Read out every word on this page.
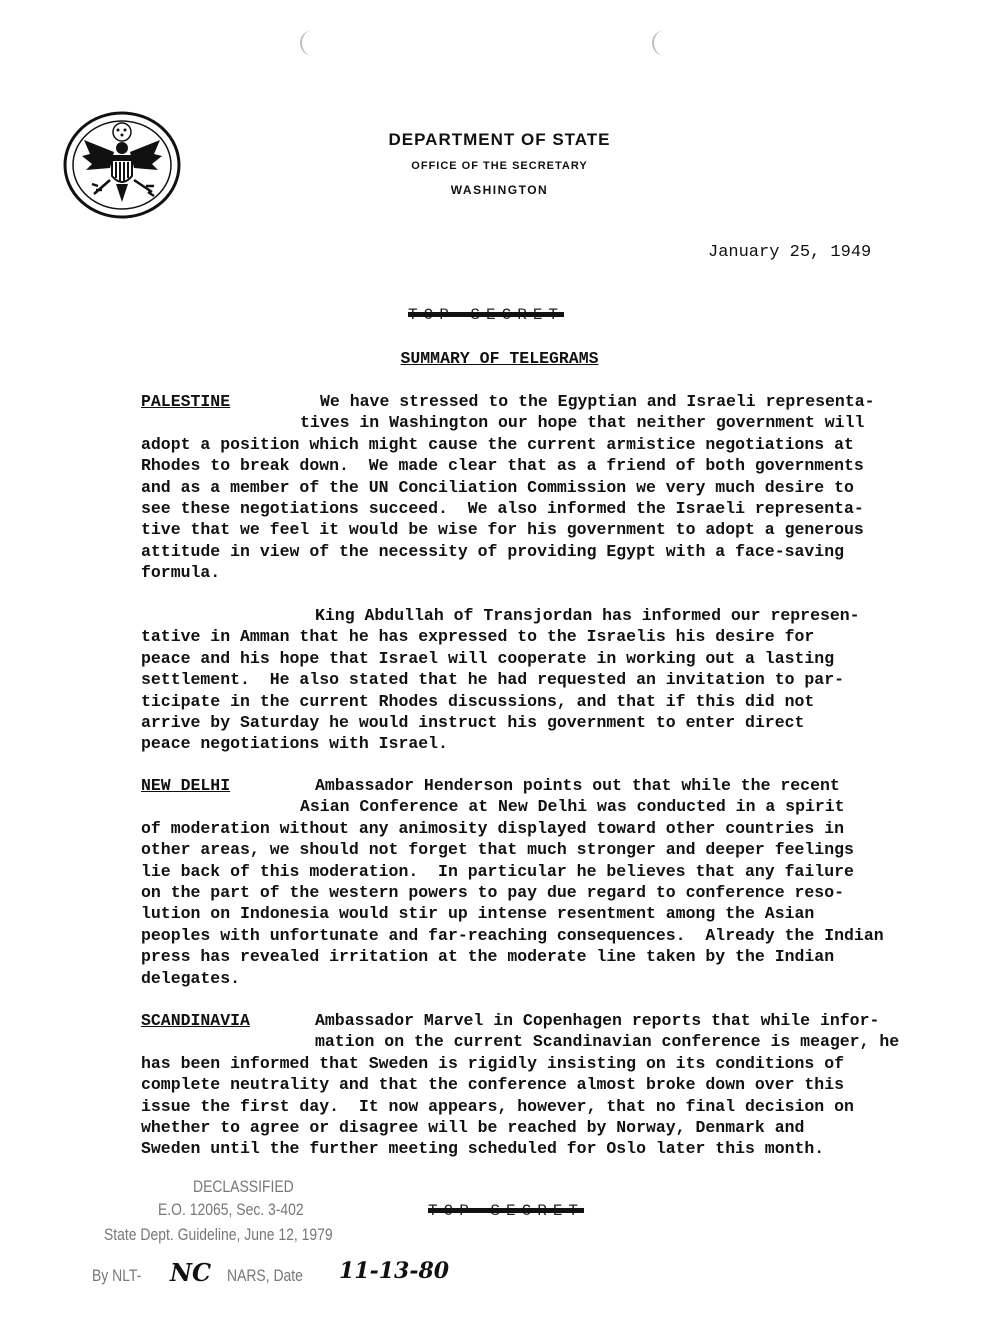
DEPARTMENT OF STATE
OFFICE OF THE SECRETARY
WASHINGTON
January 25, 1949
TOP SECRET
SUMMARY OF TELEGRAMS
PALESTINE

We have stressed to the Egyptian and Israeli representa-

tives in Washington our hope that neither government will

adopt a position which might cause the current armistice negotiations at

Rhodes to break down.  We made clear that as a friend of both governments

and as a member of the UN Conciliation Commission we very much desire to

see these negotiations succeed.  We also informed the Israeli representa-

tive that we feel it would be wise for his government to adopt a generous

attitude in view of the necessity of providing Egypt with a face-saving

formula.

King Abdullah of Transjordan has informed our represen-

tative in Amman that he has expressed to the Israelis his desire for

peace and his hope that Israel will cooperate in working out a lasting

settlement.  He also stated that he had requested an invitation to par-

ticipate in the current Rhodes discussions, and that if this did not

arrive by Saturday he would instruct his government to enter direct

peace negotiations with Israel.

NEW DELHI	Ambassador Henderson points out that while the recent

Asian Conference at New Delhi was conducted in a spirit

of moderation without any animosity displayed toward other countries in

other areas, we should not forget that much stronger and deeper feelings

lie back of this moderation.  In particular he believes that any failure

on the part of the western powers to pay due regard to conference reso-

lution on Indonesia would stir up intense resentment among the Asian

peoples with unfortunate and far-reaching consequences.  Already the Indian

press has revealed irritation at the moderate line taken by the Indian

delegates.

SCANDINAVIA	Ambassador Marvel in Copenhagen reports that while infor-

mation on the current Scandinavian conference is meager, he

has been informed that Sweden is rigidly insisting on its conditions of

complete neutrality and that the conference almost broke down over this

issue the first day.  It now appears, however, that no final decision on

whether to agree or disagree will be reached by Norway, Denmark and

Sweden until the further meeting scheduled for Oslo later this month.

DECLASSIFIED
E.O. 12065, Sec. 3-402
State Dept. Guideline, June 12, 1979
By NLT- NC NARS, Date 11-13-80
TOP SECRET
